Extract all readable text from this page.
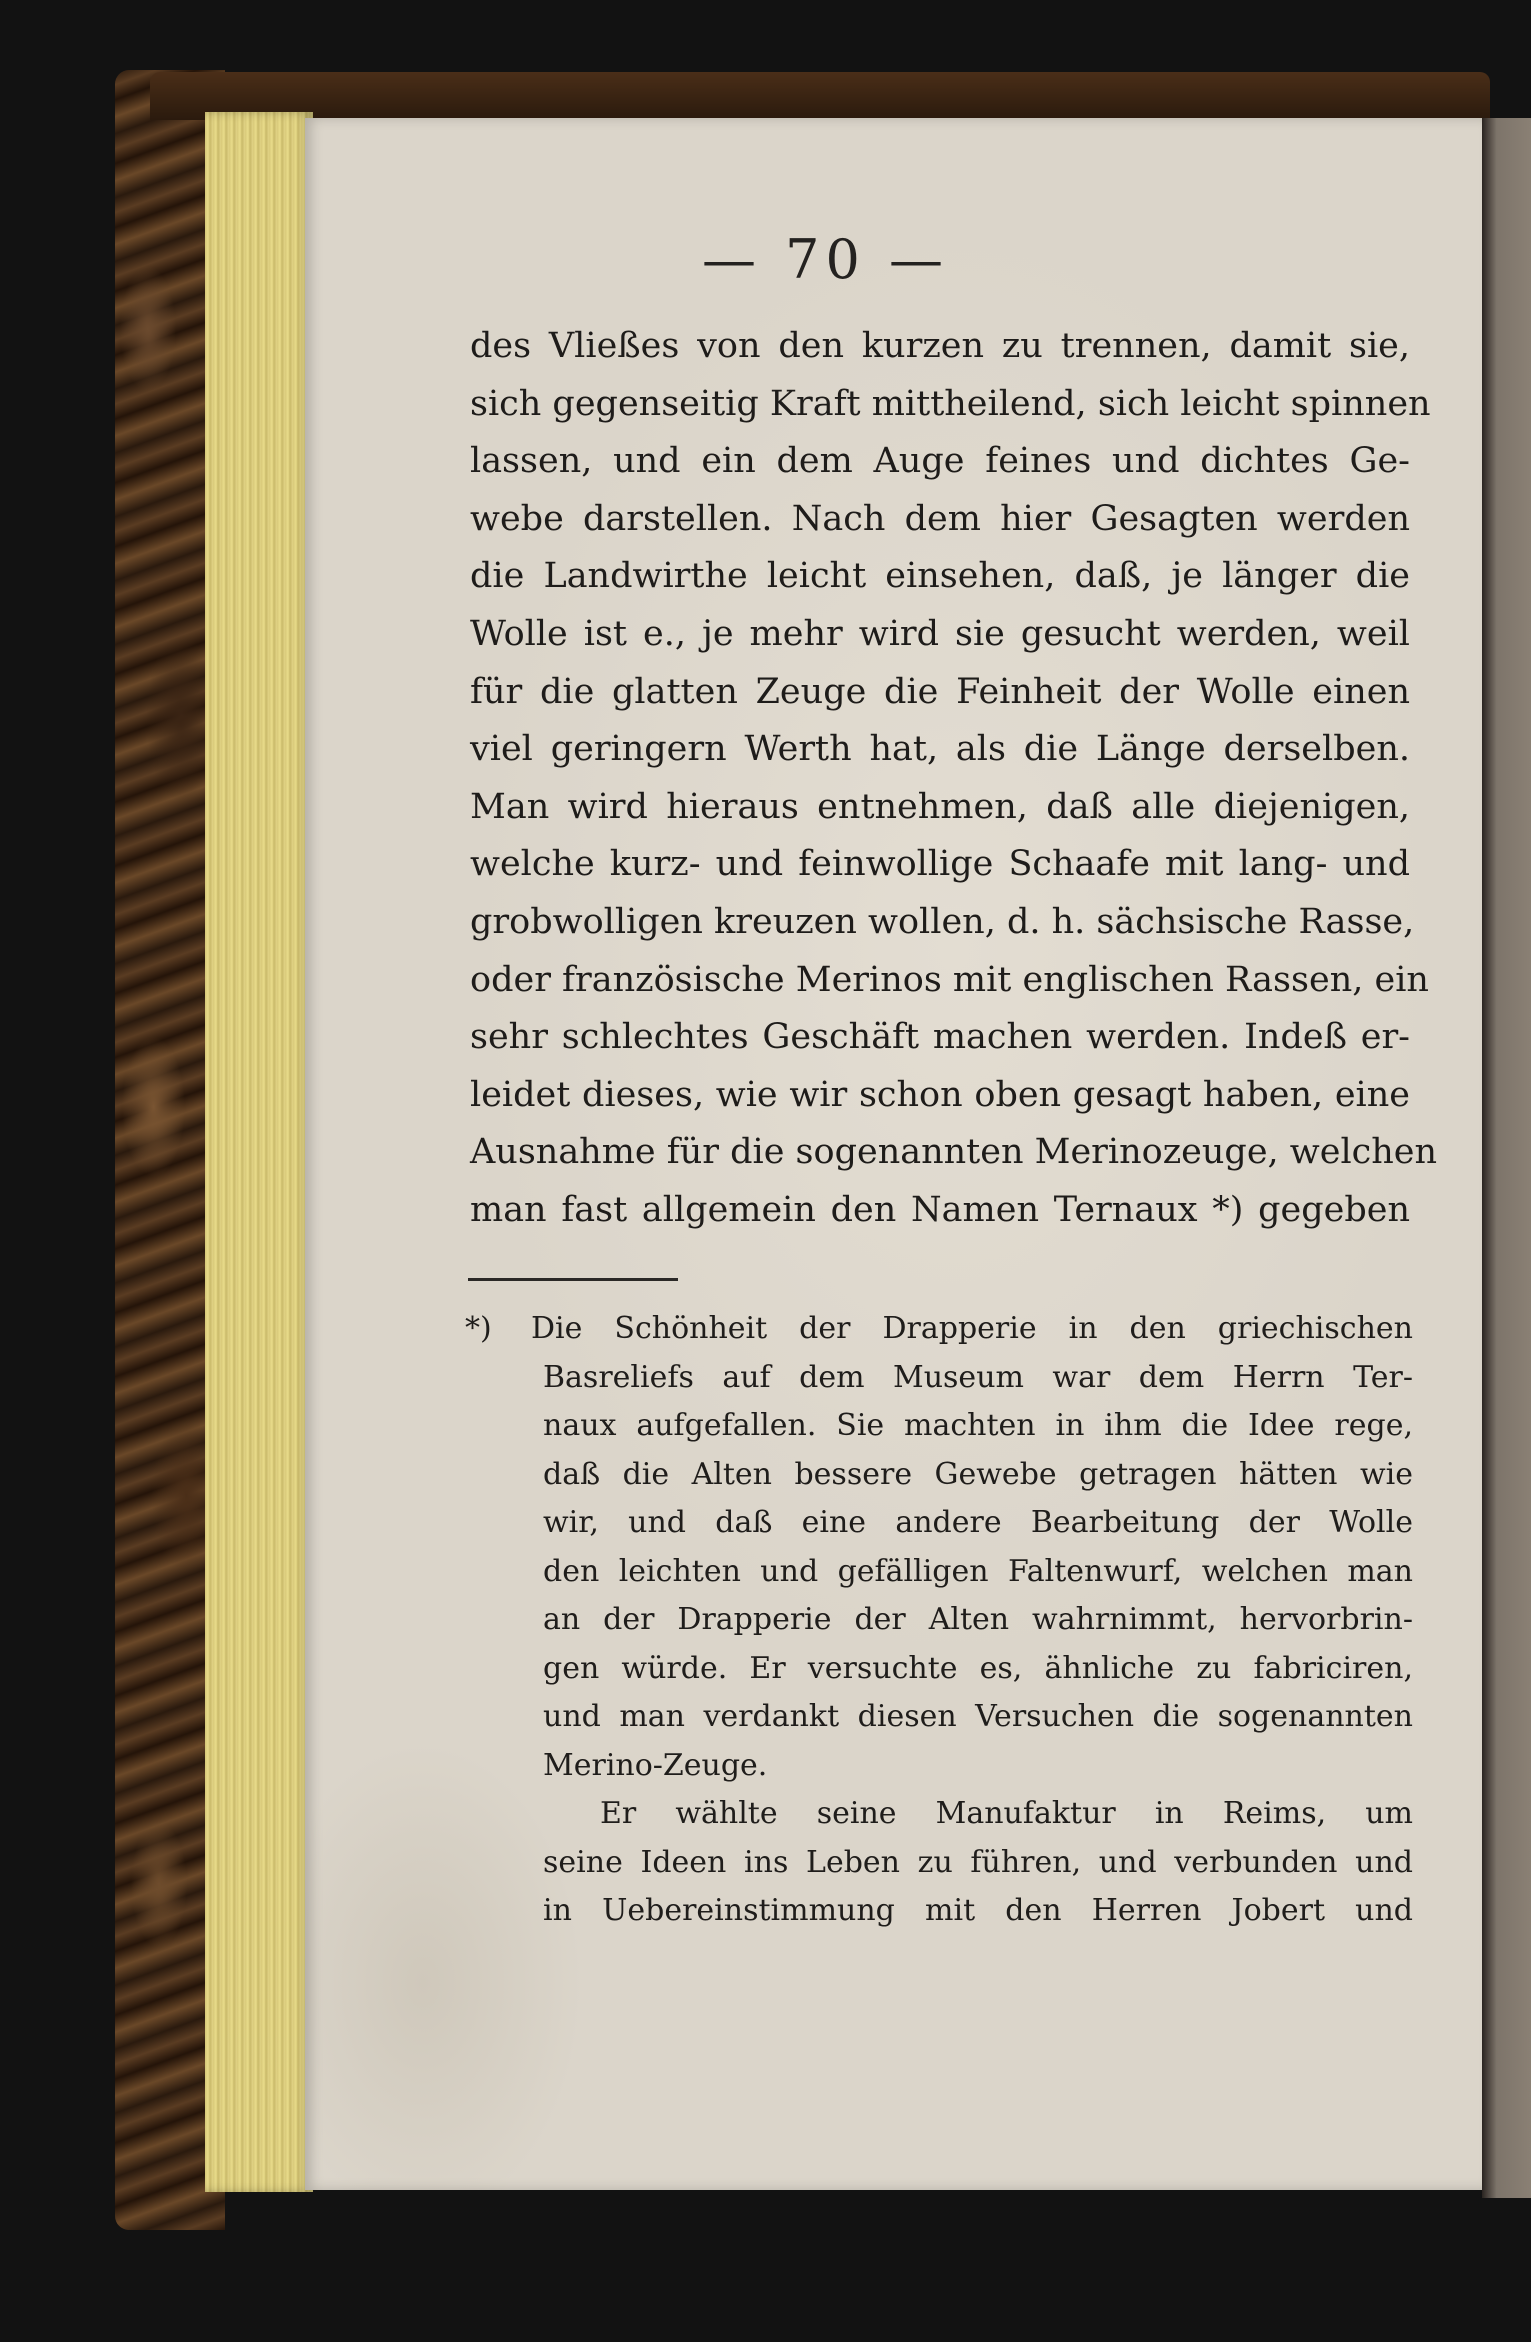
— 70 —
des Vließes von den kurzen zu trennen, damit sie,
sich gegenseitig Kraft mittheilend, sich leicht spinnen
lassen, und ein dem Auge feines und dichtes Ge-
webe darstellen. Nach dem hier Gesagten werden
die Landwirthe leicht einsehen, daß, je länger die
Wolle ist e., je mehr wird sie gesucht werden, weil
für die glatten Zeuge die Feinheit der Wolle einen
viel geringern Werth hat, als die Länge derselben.
Man wird hieraus entnehmen, daß alle diejenigen,
welche kurz- und feinwollige Schaafe mit lang- und
grobwolligen kreuzen wollen, d. h. sächsische Rasse,
oder französische Merinos mit englischen Rassen, ein
sehr schlechtes Geschäft machen werden. Indeß er-
leidet dieses, wie wir schon oben gesagt haben, eine
Ausnahme für die sogenannten Merinozeuge, welchen
man fast allgemein den Namen Ternaux *) gegeben
*) Die Schönheit der Drapperie in den griechischen
Basreliefs auf dem Museum war dem Herrn Ter-
naux aufgefallen. Sie machten in ihm die Idee rege,
daß die Alten bessere Gewebe getragen hätten wie
wir, und daß eine andere Bearbeitung der Wolle
den leichten und gefälligen Faltenwurf, welchen man
an der Drapperie der Alten wahrnimmt, hervorbrin-
gen würde. Er versuchte es, ähnliche zu fabriciren,
und man verdankt diesen Versuchen die sogenannten
Merino-Zeuge.
Er wählte seine Manufaktur in Reims, um
seine Ideen ins Leben zu führen, und verbunden und
in Uebereinstimmung mit den Herren Jobert und
